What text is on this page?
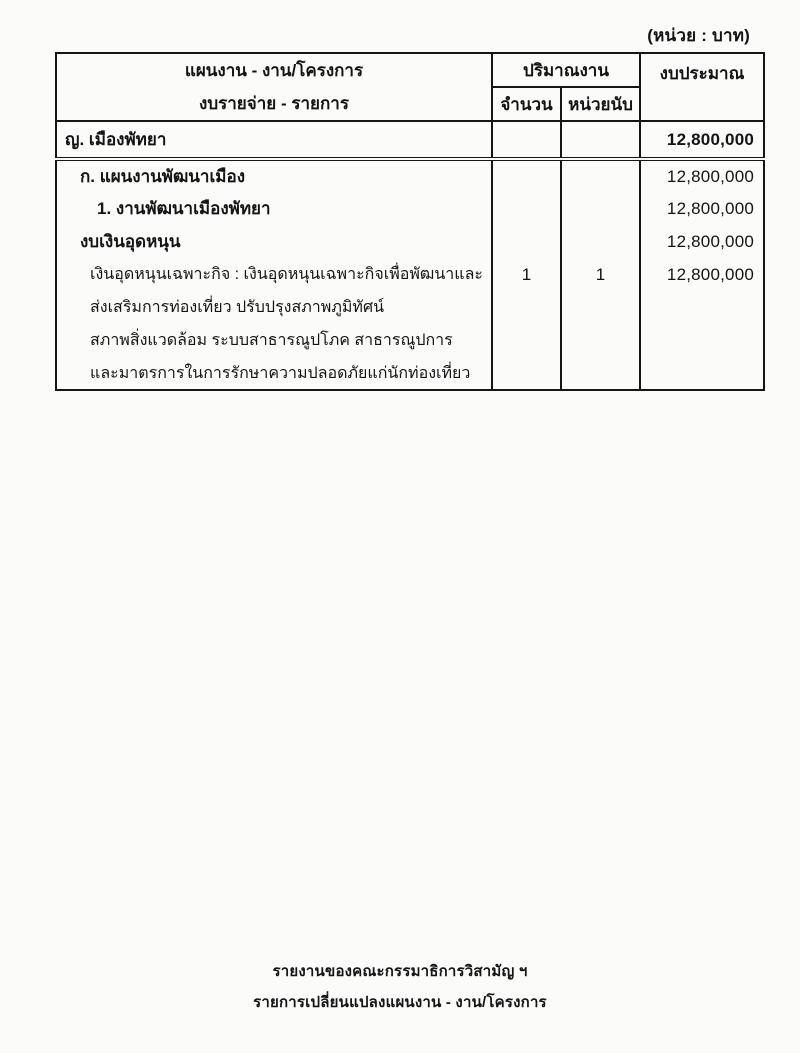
(หน่วย : บาท)
แผนงาน - งาน/โครงการ
งบรายจ่าย - รายการ	ปริมาณงาน		งบประมาณ
	จำนวน	หน่วยนับ	
ญ. เมืองพัทยา			12,800,000
ก. แผนงานพัฒนาเมือง			12,800,000
1. งานพัฒนาเมืองพัทยา			12,800,000
งบเงินอุดหนุน			12,800,000
เงินอุดหนุนเฉพาะกิจ : เงินอุดหนุนเฉพาะกิจเพื่อพัฒนาและ	1	1	12,800,000
ส่งเสริมการท่องเที่ยว ปรับปรุงสภาพภูมิทัศน์			
สภาพสิ่งแวดล้อม ระบบสาธารณูปโภค สาธารณูปการ			
และมาตรการในการรักษาความปลอดภัยแก่นักท่องเที่ยว			
รายงานของคณะกรรมาธิการวิสามัญ ฯ
รายการเปลี่ยนแปลงแผนงาน - งาน/โครงการ
